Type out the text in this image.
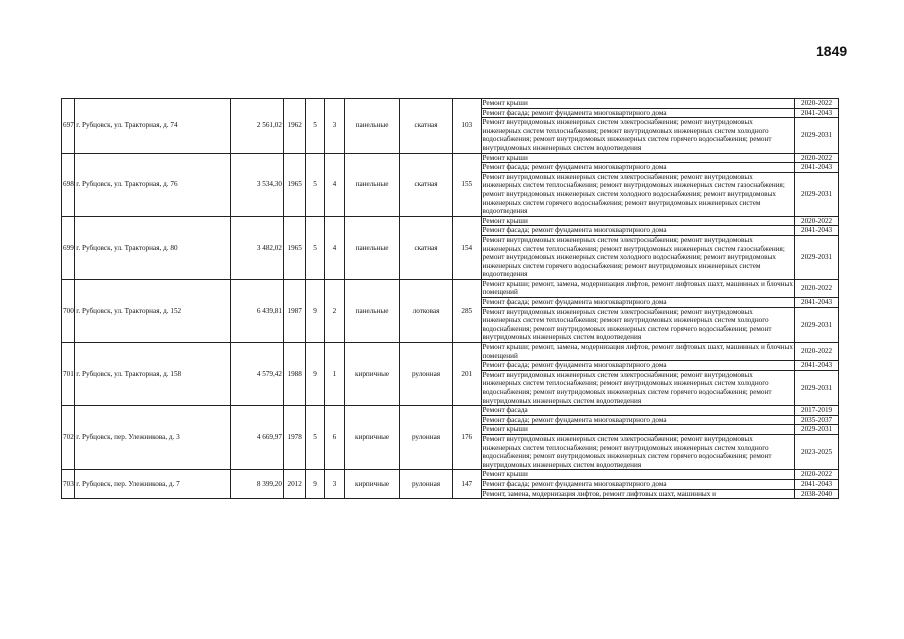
1849
697	г. Рубцовск, ул. Тракторная, д. 74	2 561,02	1962	5	3	панельные	скатная	103	Ремонт крыши	2020-2022
									Ремонт фасада; ремонт фундамента многоквартирного дома	2041-2043
									Ремонт внутридомовых инженерных систем электроснабжения; ремонт внутридомовых инженерных систем теплоснабжения; ремонт внутридомовых инженерных систем холодного водоснабжения; ремонт внутридомовых инженерных систем горячего водоснабжения; ремонт внутридомовых инженерных систем водоотведения	2029-2031
698	г. Рубцовск, ул. Тракторная, д. 76	3 534,30	1965	5	4	панельные	скатная	155	Ремонт крыши	2020-2022
									Ремонт фасада; ремонт фундамента многоквартирного дома	2041-2043
									Ремонт внутридомовых инженерных систем электроснабжения; ремонт внутридомовых инженерных систем теплоснабжения; ремонт внутридомовых инженерных систем газоснабжения; ремонт внутридомовых инженерных систем холодного водоснабжения; ремонт внутридомовых инженерных систем горячего водоснабжения; ремонт внутридомовых инженерных систем водоотведения	2029-2031
699	г. Рубцовск, ул. Тракторная, д. 80	3 482,02	1965	5	4	панельные	скатная	154	Ремонт крыши	2020-2022
									Ремонт фасада; ремонт фундамента многоквартирного дома	2041-2043
									Ремонт внутридомовых инженерных систем электроснабжения; ремонт внутридомовых инженерных систем теплоснабжения; ремонт внутридомовых инженерных систем газоснабжения; ремонт внутридомовых инженерных систем холодного водоснабжения; ремонт внутридомовых инженерных систем горячего водоснабжения; ремонт внутридомовых инженерных систем водоотведения	2029-2031
700	г. Рубцовск, ул. Тракторная, д. 152	6 439,81	1987	9	2	панельные	лотковая	285	Ремонт крыши; ремонт, замена, модернизация лифтов, ремонт лифтовых шахт, машинных и блочных помещений	2020-2022
									Ремонт фасада; ремонт фундамента многоквартирного дома	2041-2043
									Ремонт внутридомовых инженерных систем электроснабжения; ремонт внутридомовых инженерных систем теплоснабжения; ремонт внутридомовых инженерных систем холодного водоснабжения; ремонт внутридомовых инженерных систем горячего водоснабжения; ремонт внутридомовых инженерных систем водоотведения	2029-2031
701	г. Рубцовск, ул. Тракторная, д. 158	4 579,42	1988	9	1	кирпичные	рулонная	201	Ремонт крыши; ремонт, замена, модернизация лифтов, ремонт лифтовых шахт, машинных и блочных помещений	2020-2022
									Ремонт фасада; ремонт фундамента многоквартирного дома	2041-2043
									Ремонт внутридомовых инженерных систем электроснабжения; ремонт внутридомовых инженерных систем теплоснабжения; ремонт внутридомовых инженерных систем холодного водоснабжения; ремонт внутридомовых инженерных систем горячего водоснабжения; ремонт внутридомовых инженерных систем водоотведения	2029-2031
702	г. Рубцовск, пер. Улежникова, д. 3	4 669,97	1978	5	6	кирпичные	рулонная	176	Ремонт фасада	2017-2019
									Ремонт фасада; ремонт фундамента многоквартирного дома	2035-2037
									Ремонт крыши	2029-2031
									Ремонт внутридомовых инженерных систем электроснабжения; ремонт внутридомовых инженерных систем теплоснабжения; ремонт внутридомовых инженерных систем холодного водоснабжения; ремонт внутридомовых инженерных систем горячего водоснабжения; ремонт внутридомовых инженерных систем водоотведения	2023-2025
703	г. Рубцовск, пер. Улежникова, д. 7	8 399,20	2012	9	3	кирпичные	рулонная	147	Ремонт крыши	2020-2022
									Ремонт фасада; ремонт фундамента многоквартирного дома	2041-2043
									Ремонт, замена, модернизация лифтов, ремонт лифтовых шахт, машинных и	2038-2040
